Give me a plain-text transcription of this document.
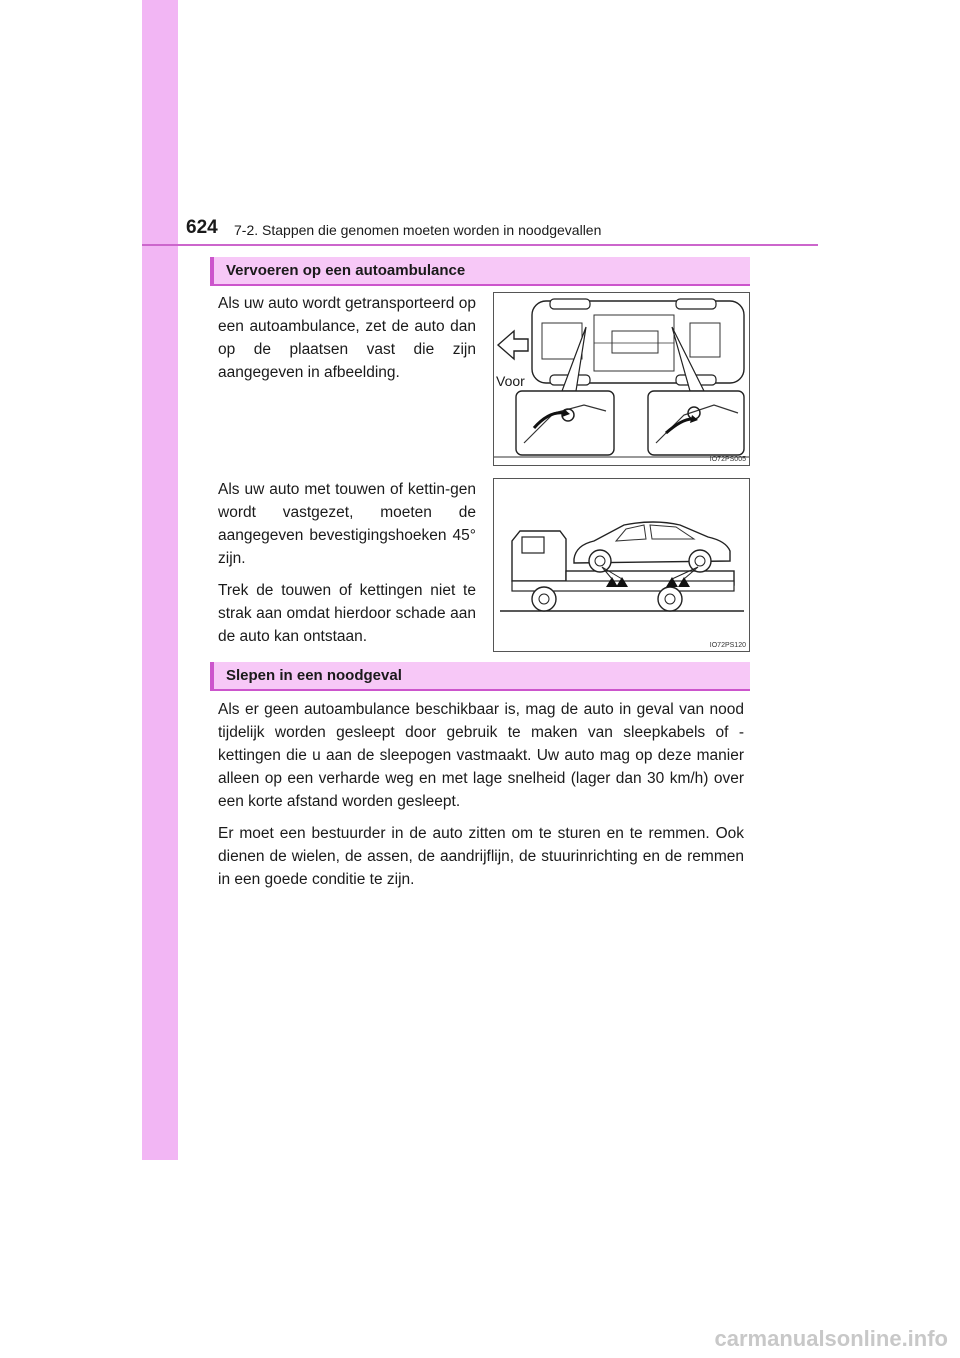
624 7-2. Stappen die genomen moeten worden in noodgevallen
Vervoeren op een autoambulance

Als uw auto wordt getransporteerd op een autoambulance, zet de auto dan op de plaatsen vast die zijn aangegeven in afbeelding.

Als uw auto met touwen of kettin-gen wordt vastgezet, moeten de aangegeven bevestigingshoeken 45° zijn.

Trek de touwen of kettingen niet te strak aan omdat hierdoor schade aan de auto kan ontstaan.

Voor
IO72PS005
IO72PS120
Slepen in een noodgeval

Als er geen autoambulance beschikbaar is, mag de auto in geval van nood tijdelijk worden gesleept door gebruik te maken van sleepkabels of -kettingen die u aan de sleepogen vastmaakt. Uw auto mag op deze manier alleen op een verharde weg en met lage snelheid (lager dan 30 km/h) over een korte afstand worden gesleept.

Er moet een bestuurder in de auto zitten om te sturen en te remmen. Ook dienen de wielen, de assen, de aandrijflijn, de stuurinrichting en de remmen in een goede conditie te zijn.

carmanualsonline.info
